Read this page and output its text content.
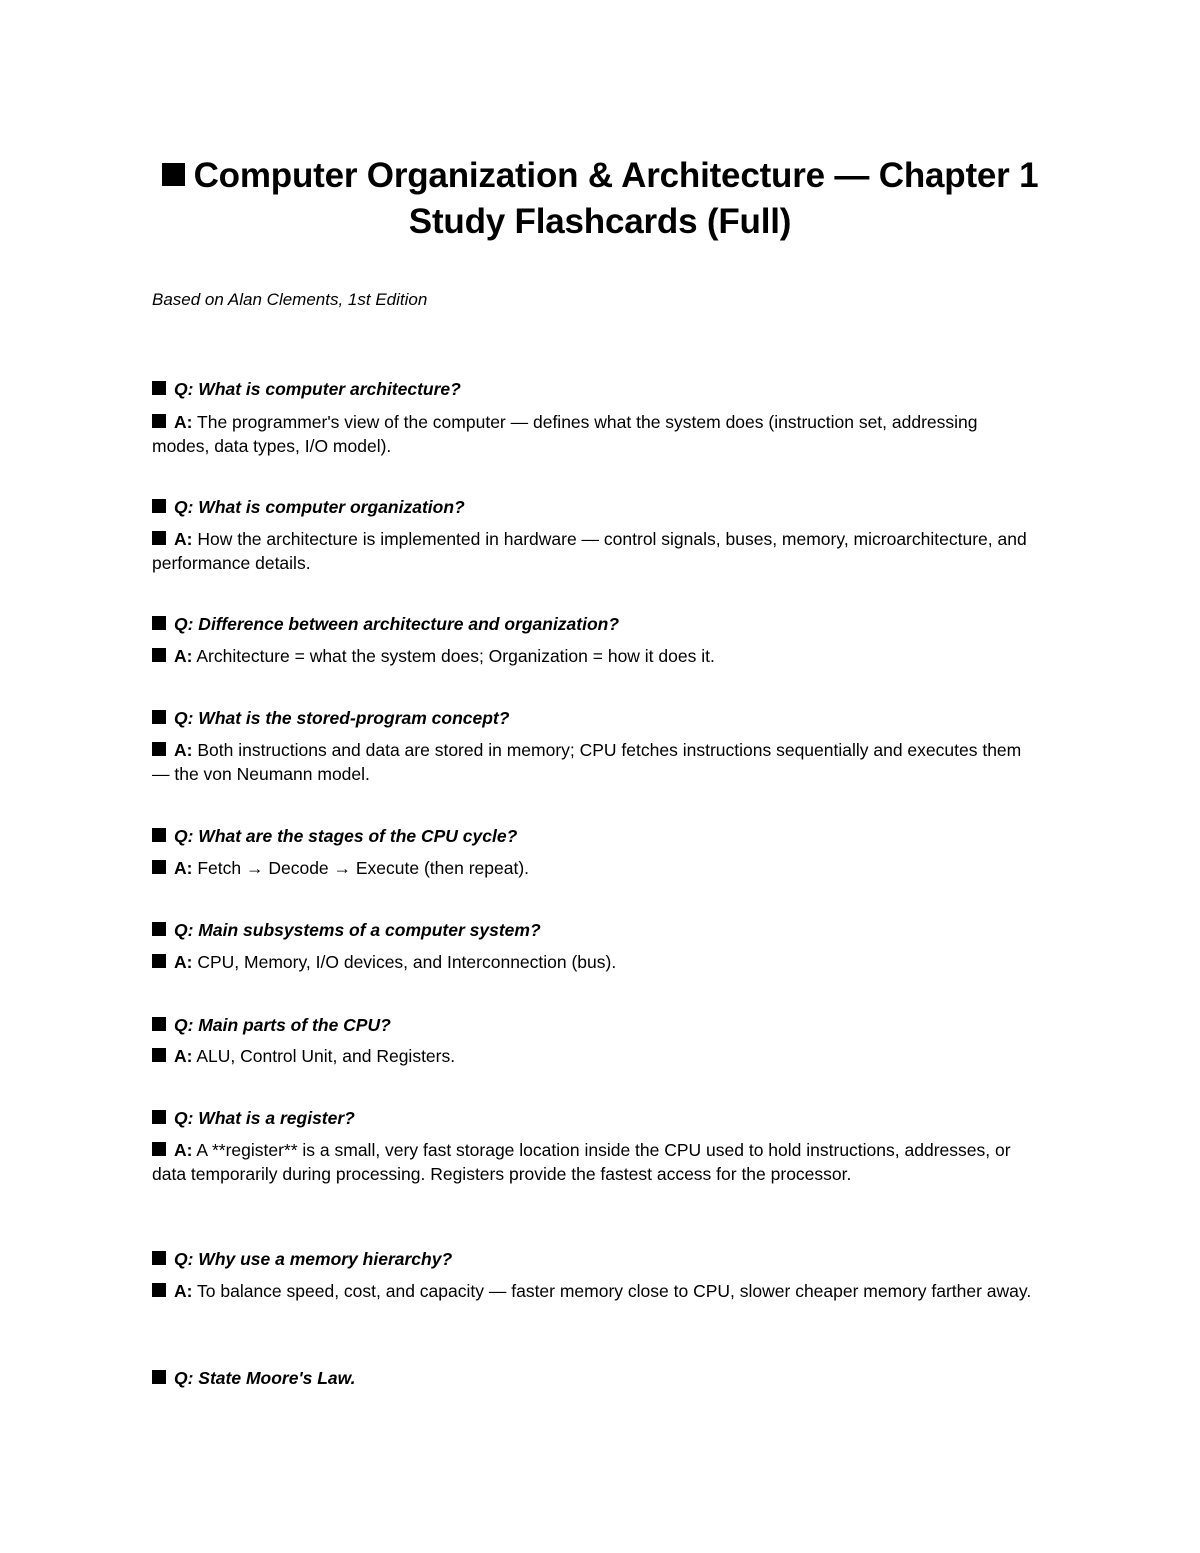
Computer Organization & Architecture — Chapter 1 Study Flashcards (Full)

Based on Alan Clements, 1st Edition

Q: What is computer architecture?

A: The programmer's view of the computer — defines what the system does (instruction set, addressing modes, data types, I/O model).

Q: What is computer organization?

A: How the architecture is implemented in hardware — control signals, buses, memory, microarchitecture, and performance details.

Q: Difference between architecture and organization?

A: Architecture = what the system does; Organization = how it does it.

Q: What is the stored-program concept?

A: Both instructions and data are stored in memory; CPU fetches instructions sequentially and executes them — the von Neumann model.

Q: What are the stages of the CPU cycle?

A: Fetch → Decode → Execute (then repeat).

Q: Main subsystems of a computer system?

A: CPU, Memory, I/O devices, and Interconnection (bus).

Q: Main parts of the CPU?

A: ALU, Control Unit, and Registers.

Q: What is a register?

A: A **register** is a small, very fast storage location inside the CPU used to hold instructions, addresses, or data temporarily during processing. Registers provide the fastest access for the processor.

Q: Why use a memory hierarchy?

A: To balance speed, cost, and capacity — faster memory close to CPU, slower cheaper memory farther away.

Q: State Moore's Law.
